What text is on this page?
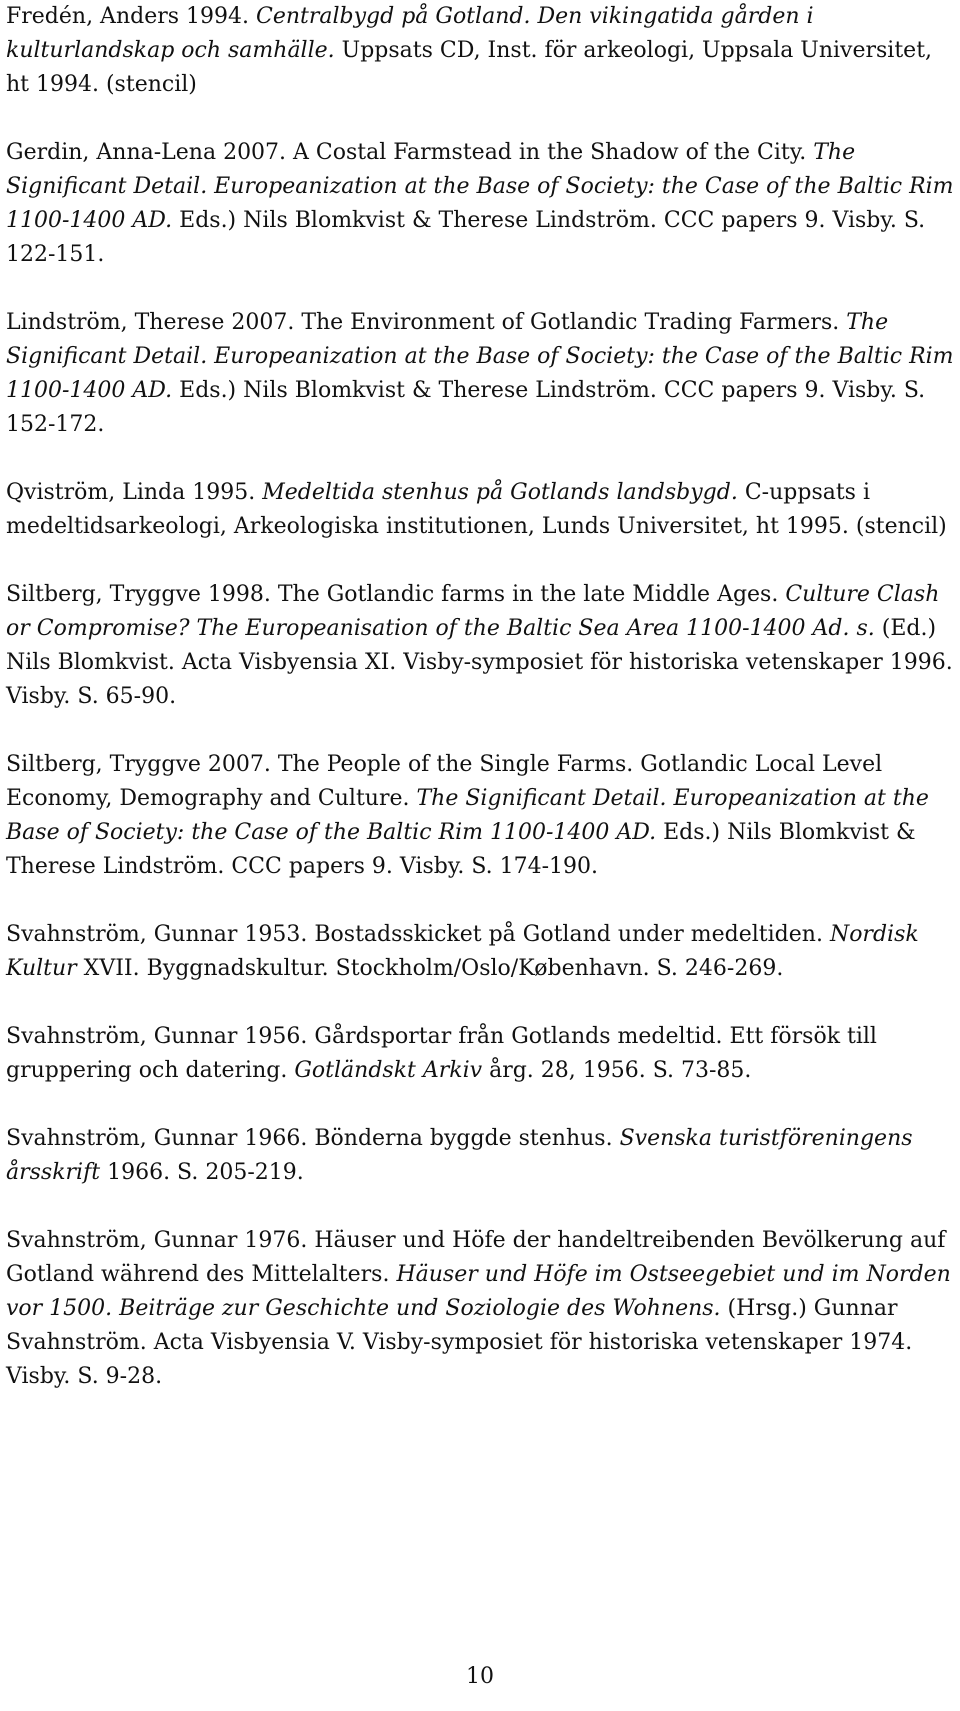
Fredén, Anders 1994. Centralbygd på Gotland. Den vikingatida gården i kulturlandskap och samhälle. Uppsats CD, Inst. för arkeologi, Uppsala Universitet, ht 1994. (stencil)

Gerdin, Anna-Lena 2007. A Costal Farmstead in the Shadow of the City. The Significant Detail. Europeanization at the Base of Society: the Case of the Baltic Rim 1100-1400 AD. Eds.) Nils Blomkvist & Therese Lindström. CCC papers 9. Visby. S. 122-151.

Lindström, Therese 2007. The Environment of Gotlandic Trading Farmers. The Significant Detail. Europeanization at the Base of Society: the Case of the Baltic Rim 1100-1400 AD. Eds.) Nils Blomkvist & Therese Lindström. CCC papers 9. Visby. S. 152-172.

Qviström, Linda 1995. Medeltida stenhus på Gotlands landsbygd. C-uppsats i medeltidsarkeologi, Arkeologiska institutionen, Lunds Universitet, ht 1995. (stencil)

Siltberg, Tryggve 1998. The Gotlandic farms in the late Middle Ages. Culture Clash or Compromise? The Europeanisation of the Baltic Sea Area 1100-1400 Ad. s. (Ed.) Nils Blomkvist. Acta Visbyensia XI. Visby-symposiet för historiska vetenskaper 1996. Visby. S. 65-90.

Siltberg, Tryggve 2007. The People of the Single Farms. Gotlandic Local Level Economy, Demography and Culture. The Significant Detail. Europeanization at the Base of Society: the Case of the Baltic Rim 1100-1400 AD. Eds.) Nils Blomkvist & Therese Lindström. CCC papers 9. Visby. S. 174-190.

Svahnström, Gunnar 1953. Bostadsskicket på Gotland under medeltiden. Nordisk Kultur XVII. Byggnadskultur. Stockholm/Oslo/København. S. 246-269.

Svahnström, Gunnar 1956. Gårdsportar från Gotlands medeltid. Ett försök till gruppering och datering. Gotländskt Arkiv årg. 28, 1956. S. 73-85.

Svahnström, Gunnar 1966. Bönderna byggde stenhus. Svenska turistföreningens årsskrift 1966. S. 205-219.

Svahnström, Gunnar 1976. Häuser und Höfe der handeltreibenden Bevölkerung auf Gotland während des Mittelalters. Häuser und Höfe im Ostseegebiet und im Norden vor 1500. Beiträge zur Geschichte und Soziologie des Wohnens. (Hrsg.) Gunnar Svahnström. Acta Visbyensia V. Visby-symposiet för historiska vetenskaper 1974. Visby. S. 9-28.

10
